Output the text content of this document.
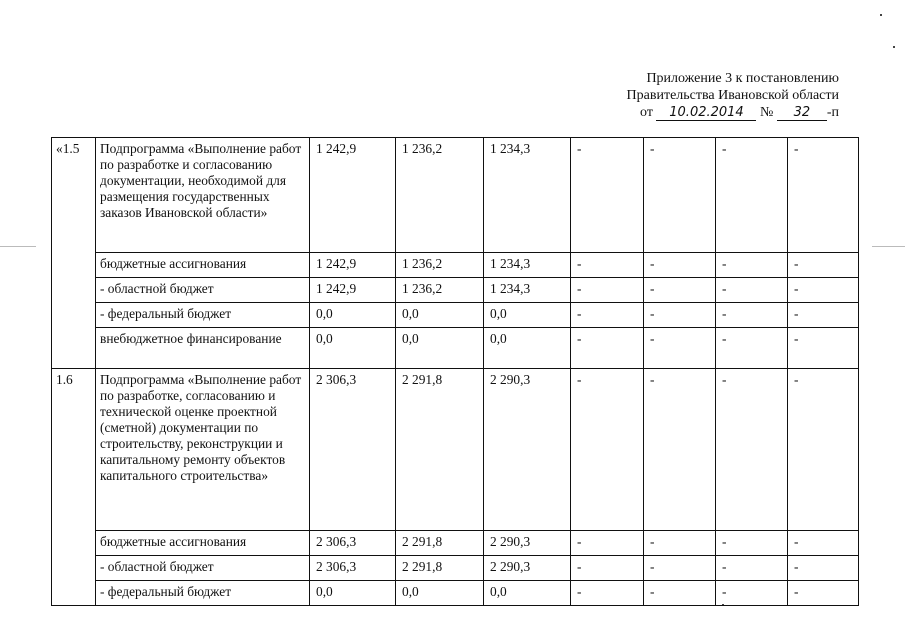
Приложение 3 к постановлению
Правительства Ивановской области
от 10.02.2014 № 32 -п
«1.5	Подпрограмма «Выполнение работ по разработке и согласованию документации, необходимой для размещения государственных заказов Ивановской области»	1 242,9	1 236,2	1 234,3	-	-	-	-
	бюджетные ассигнования	1 242,9	1 236,2	1 234,3	-	-	-	-
	- областной бюджет	1 242,9	1 236,2	1 234,3	-	-	-	-
	- федеральный бюджет	0,0	0,0	0,0	-	-	-	-
	внебюджетное финансирование	0,0	0,0	0,0	-	-	-	-
1.6	Подпрограмма «Выполнение работ по разработке, согласованию и технической оценке проектной (сметной) документации по строительству, реконструкции и капитальному ремонту объектов капитального строительства»	2 306,3	2 291,8	2 290,3	-	-	-	-
	бюджетные ассигнования	2 306,3	2 291,8	2 290,3	-	-	-	-
	- областной бюджет	2 306,3	2 291,8	2 290,3	-	-	-	-
	- федеральный бюджет	0,0	0,0	0,0	-	-	-	-
